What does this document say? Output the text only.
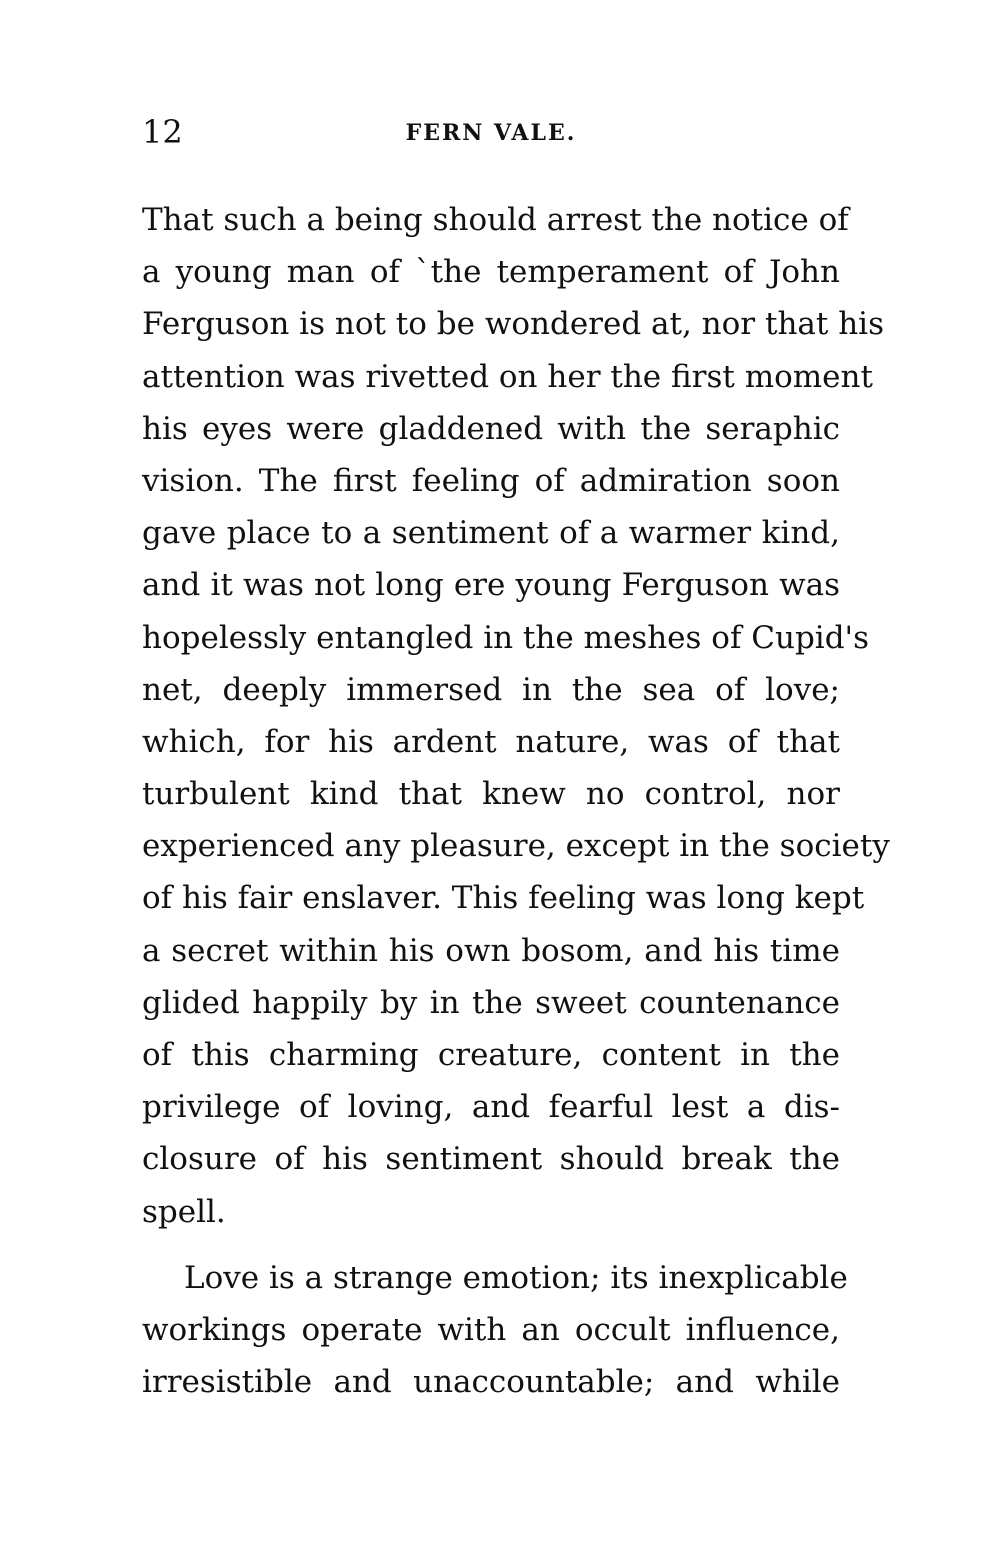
12	FERN VALE.
That such a being should arrest the notice of
a young man of `the temperament of John
Ferguson is not to be wondered at, nor that his
attention was rivetted on her the first moment
his eyes were gladdened with the seraphic
vision. The first feeling of admiration soon
gave place to a sentiment of a warmer kind,
and it was not long ere young Ferguson was
hopelessly entangled in the meshes of Cupid's
net, deeply immersed in the sea of love;
which, for his ardent nature, was of that
turbulent kind that knew no control, nor
experienced any pleasure, except in the society
of his fair enslaver. This feeling was long kept
a secret within his own bosom, and his time
glided happily by in the sweet countenance
of this charming creature, content in the
privilege of loving, and fearful lest a dis-
closure of his sentiment should break the
spell.
Love is a strange emotion; its inexplicable
workings operate with an occult influence,
irresistible and unaccountable; and while
